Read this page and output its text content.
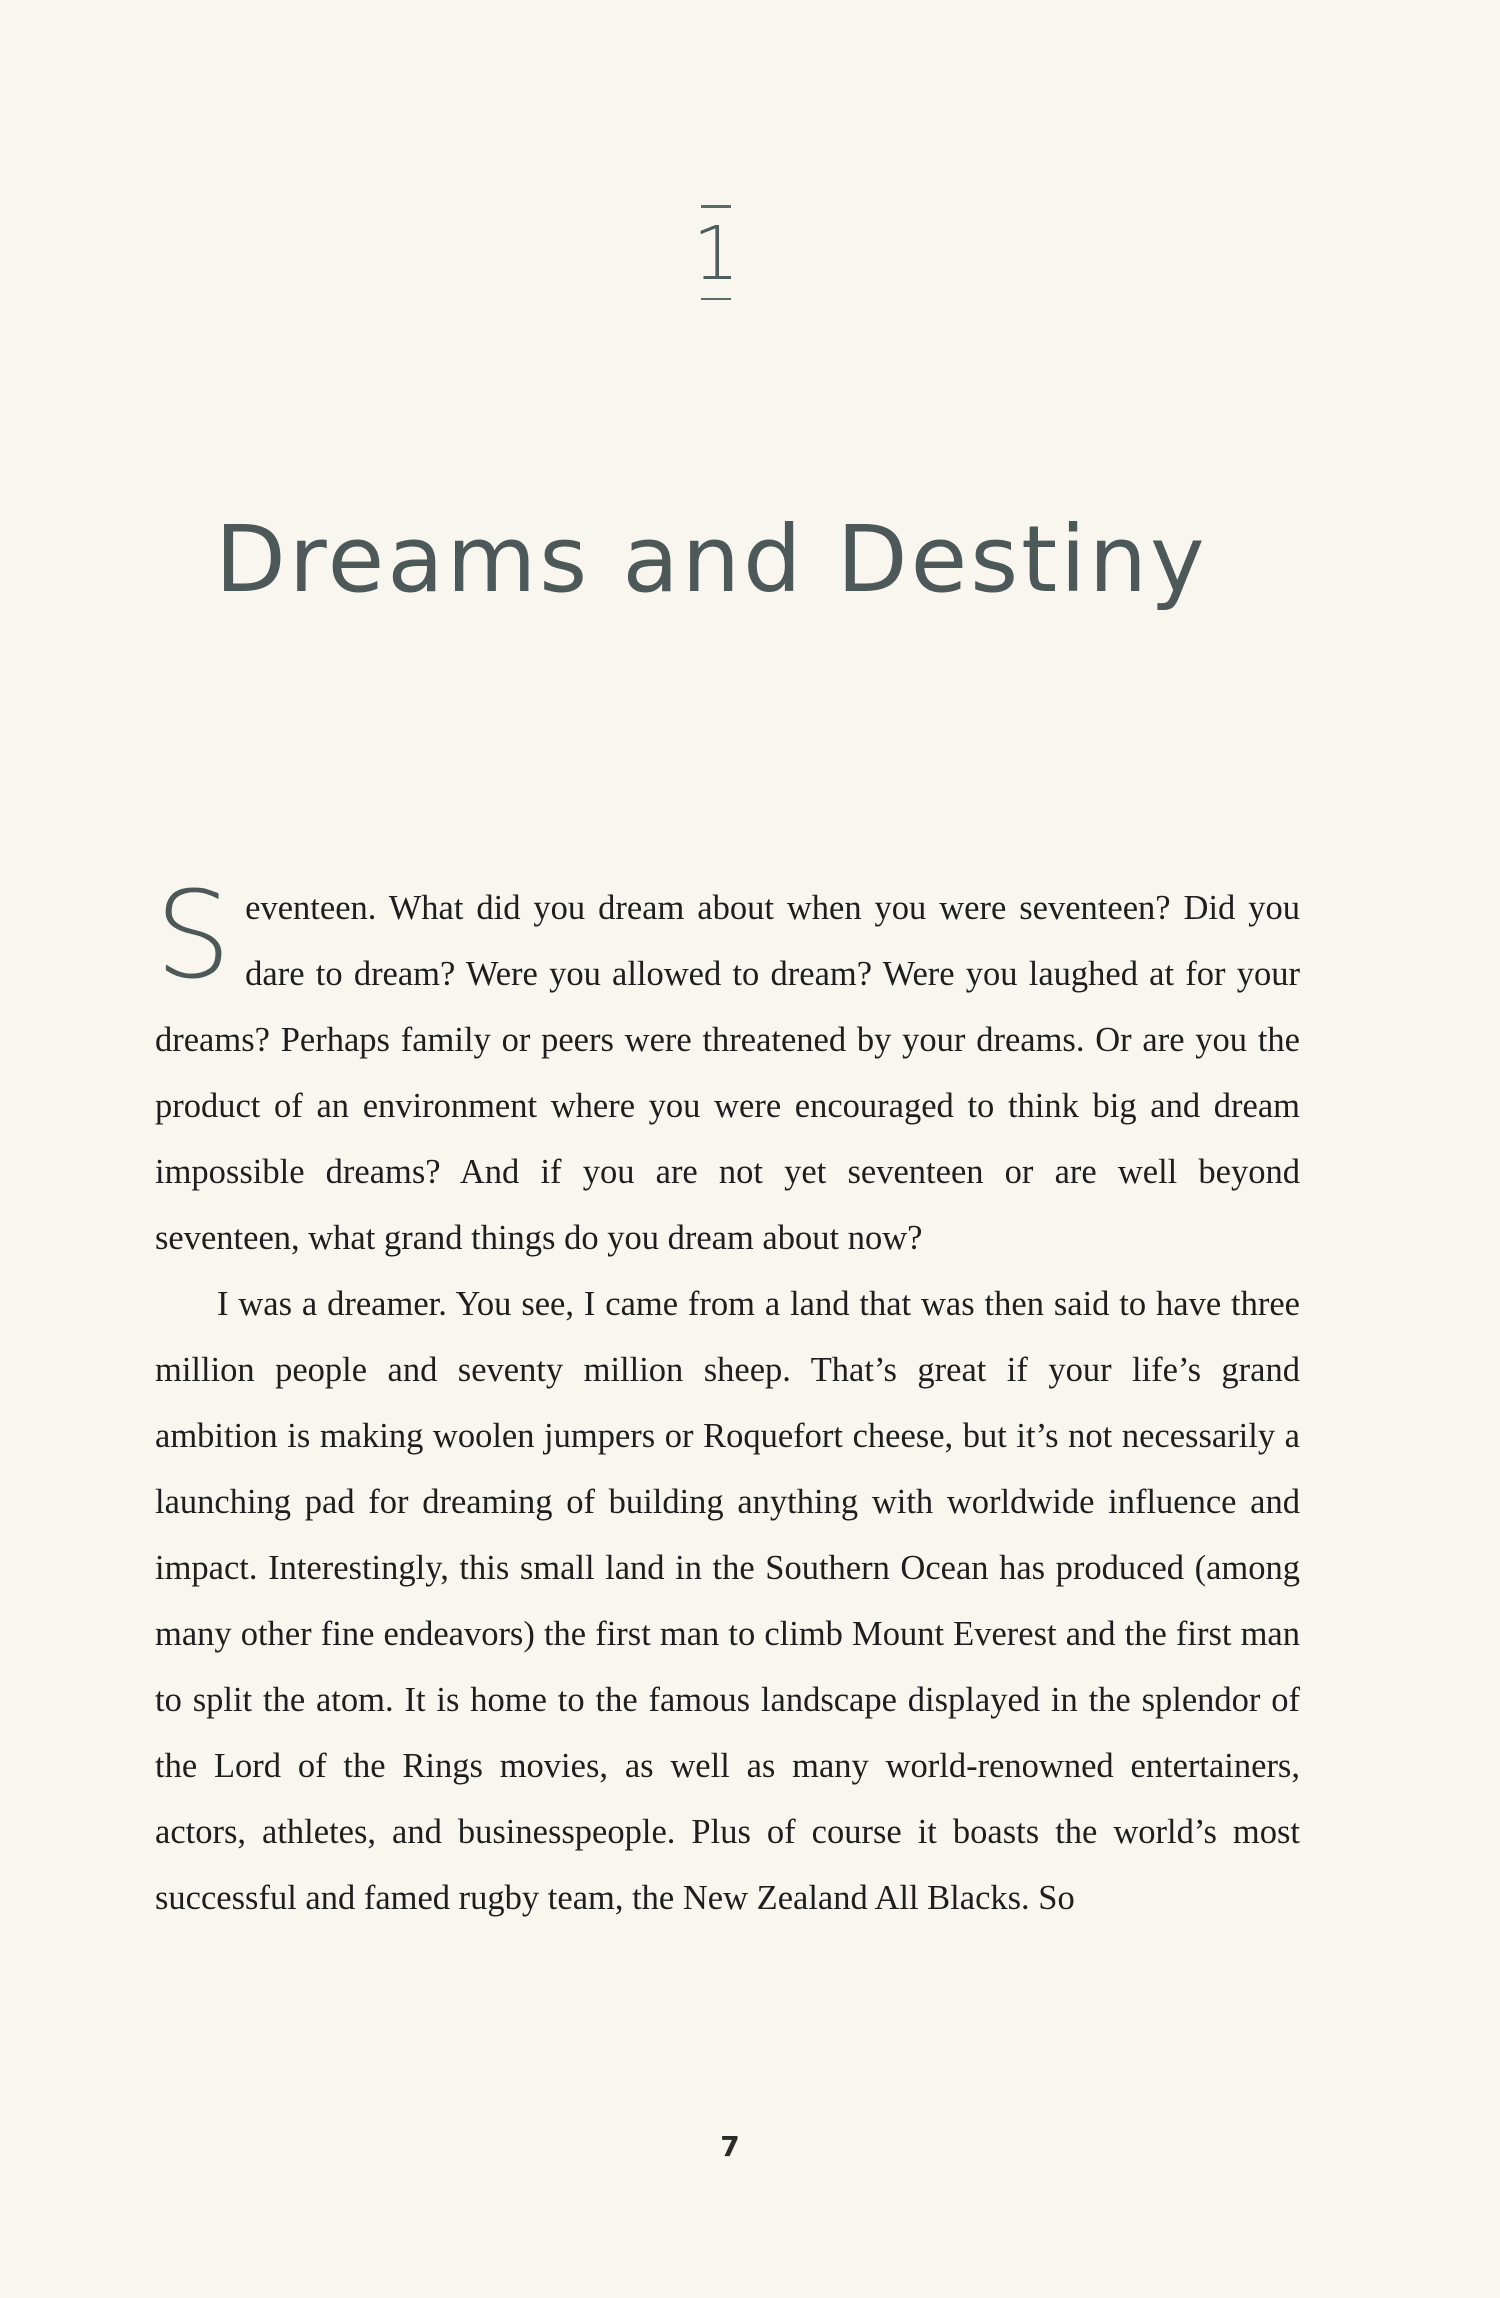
1
Dreams and Destiny

Seventeen. What did you dream about when you were seventeen? Did you dare to dream? Were you allowed to dream? Were you laughed at for your dreams? Perhaps family or peers were threatened by your dreams. Or are you the product of an environment where you were encouraged to think big and dream impossible dreams? And if you are not yet seventeen or are well beyond seventeen, what grand things do you dream about now?

I was a dreamer. You see, I came from a land that was then said to have three million people and seventy million sheep. That’s great if your life’s grand ambition is making woolen jumpers or Roquefort cheese, but it’s not necessarily a launching pad for dreaming of building anything with worldwide influence and impact. Interestingly, this small land in the Southern Ocean has produced (among many other fine endeavors) the first man to climb Mount Everest and the first man to split the atom. It is home to the famous landscape displayed in the splendor of the Lord of the Rings movies, as well as many world-renowned entertainers, actors, athletes, and businesspeople. Plus of course it boasts the world’s most successful and famed rugby team, the New Zealand All Blacks. So

7
